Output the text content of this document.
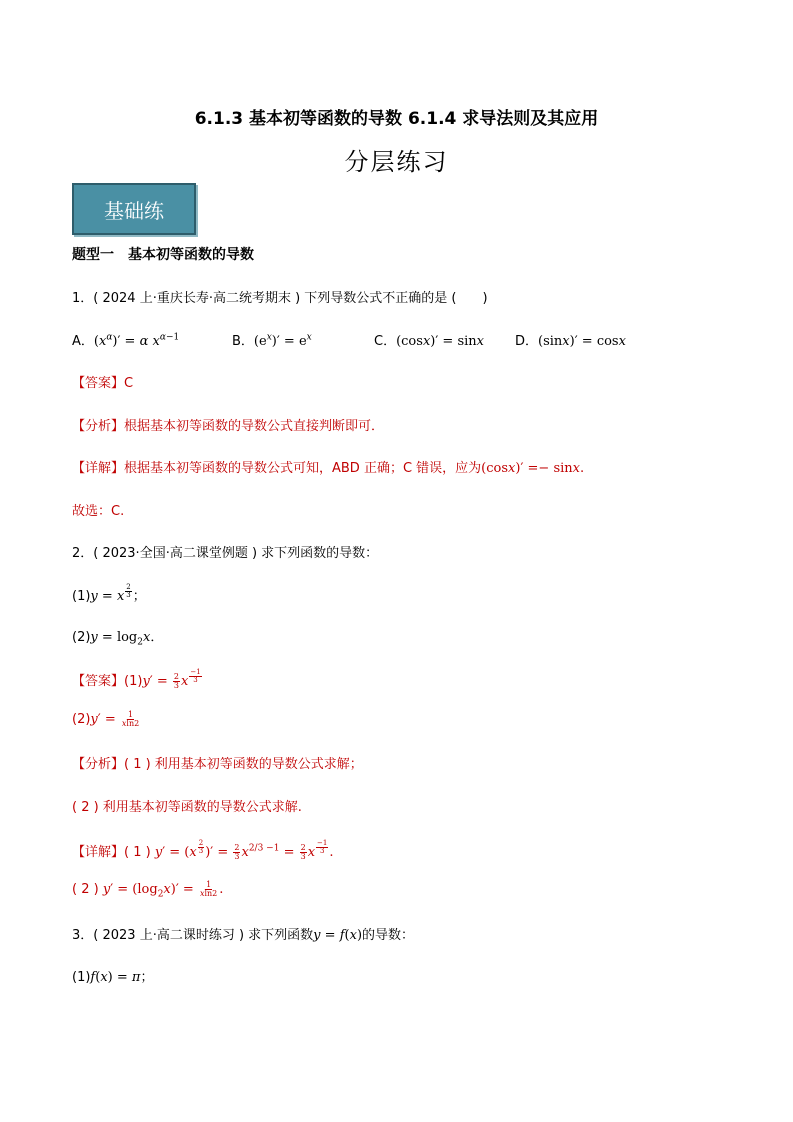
6.1.3 基本初等函数的导数 6.1.4 求导法则及其应用
分层练习
基础练
题型一　基本初等函数的导数
1．( 2024 上·重庆长寿·高二统考期末 ) 下列导数公式不正确的是 (　　)
A．$(x^\alpha)' = \alpha$ $x^{\alpha-1}$	B．$(e^x)' = e^x$	C．(cosx)′ = sinx D．(sinx)′ = cosx
【答案】C
【分析】根据基本初等函数的导数公式直接判断即可．
【详解】根据基本初等函数的导数公式可知，ABD 正确；C 错误，应为(cosx)′ =− sinx.
故选：C.
2．( 2023·全国·高二课堂例题 ) 求下列函数的导数：
(1)y = x $^{\frac{2}{3}}$ ；
$(2)y = \log_2x$．
【答案】$(1)y' = \frac{2}{3}$ x $^{\frac{-1}{3}}$
$(2)y' = \frac{1}{xln2}$
【分析】( 1 ) 利用基本初等函数的导数公式求解；
( 2 ) 利用基本初等函数的导数公式求解.
【详解】( 1 ) y′ = (x $^{\frac{2}{3}}$ )′ = $\frac{2}{3} x^{2/3 -1} = \frac{2}{3}$ x $^{\frac{-1}{3}}$ .
( 2 ) $y' = (\log_2x)' = \frac{1}{xln2}$ .
3．( 2023 上·高二课时练习 ) 求下列函数y = f(x)的导数：
(1)f(x) = π；
